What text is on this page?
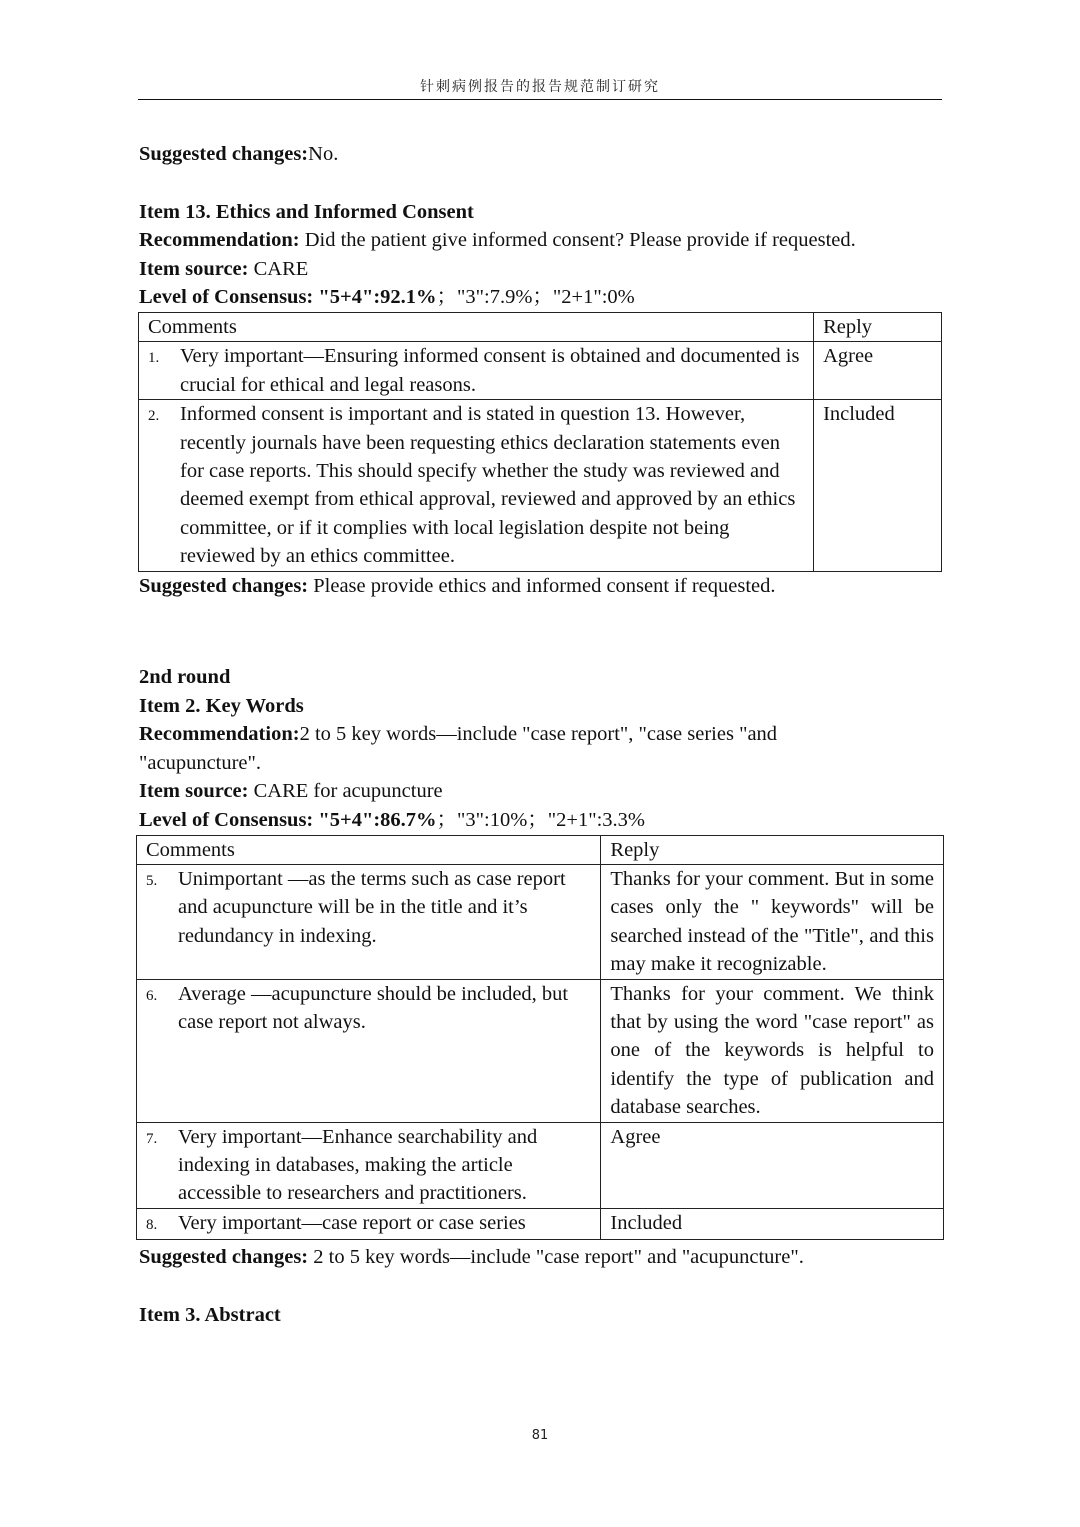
针刺病例报告的报告规范制订研究

Suggested changes:No.

Item 13. Ethics and Informed Consent

Recommendation: Did the patient give informed consent? Please provide if requested.

Item source: CARE

Level of Consensus: "5+4":92.1%；"3":7.9%；"2+1":0%

Comments	Reply

1. Very important—Ensuring informed consent is obtained and documented is crucial for ethical and legal reasons.	Agree

2. Informed consent is important and is stated in question 13. However, recently journals have been requesting ethics declaration statements even for case reports. This should specify whether the study was reviewed and deemed exempt from ethical approval, reviewed and approved by an ethics committee, or if it complies with local legislation despite not being reviewed by an ethics committee.	Included

Suggested changes: Please provide ethics and informed consent if requested.

2nd round

Item 2. Key Words

Recommendation:2 to 5 key words—include "case report", "case series "and "acupuncture".

Item source: CARE for acupuncture

Level of Consensus: "5+4":86.7%；"3":10%；"2+1":3.3%

Comments	Reply

5. Unimportant —as the terms such as case report and acupuncture will be in the title and it’s redundancy in indexing.	Thanks for your comment. But in some cases only the " keywords" will be searched instead of the "Title", and this may make it recognizable.

6. Average —acupuncture should be included, but case report not always.	Thanks for your comment. We think that by using the word "case report" as one of the keywords is helpful to identify the type of publication and database searches.

7. Very important—Enhance searchability and indexing in databases, making the article accessible to researchers and practitioners.	Agree

8. Very important—case report or case series	Included

Suggested changes: 2 to 5 key words—include "case report" and "acupuncture".

Item 3. Abstract

81
